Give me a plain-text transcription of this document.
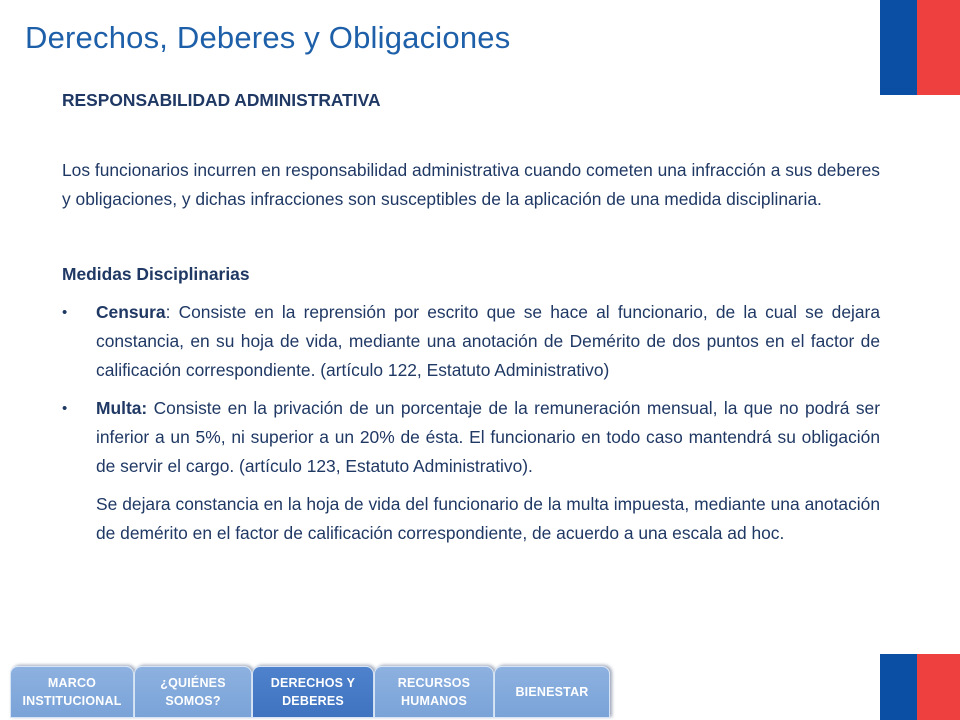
Derechos, Deberes y Obligaciones

RESPONSABILIDAD ADMINISTRATIVA

Los funcionarios incurren en responsabilidad administrativa cuando cometen una infracción a sus deberes y obligaciones, y dichas infracciones son susceptibles de la aplicación de una medida disciplinaria.

Medidas Disciplinarias

• Censura: Consiste en la reprensión por escrito que se hace al funcionario, de la cual se dejara constancia, en su hoja de vida, mediante una anotación de Demérito de dos puntos en el factor de calificación correspondiente. (artículo 122, Estatuto Administrativo)
• Multa: Consiste en la privación de un porcentaje de la remuneración mensual, la que no podrá ser inferior a un 5%, ni superior a un 20% de ésta. El funcionario en todo caso mantendrá su obligación de servir el cargo. (artículo 123, Estatuto Administrativo).

Se dejara constancia en la hoja de vida del funcionario de la multa impuesta, mediante una anotación de demérito en el factor de calificación correspondiente, de acuerdo a una escala ad hoc.

MARCO
INSTITUCIONAL
¿QUIÉNES
SOMOS?
DERECHOS Y
DEBERES
RECURSOS
HUMANOS
BIENESTAR
